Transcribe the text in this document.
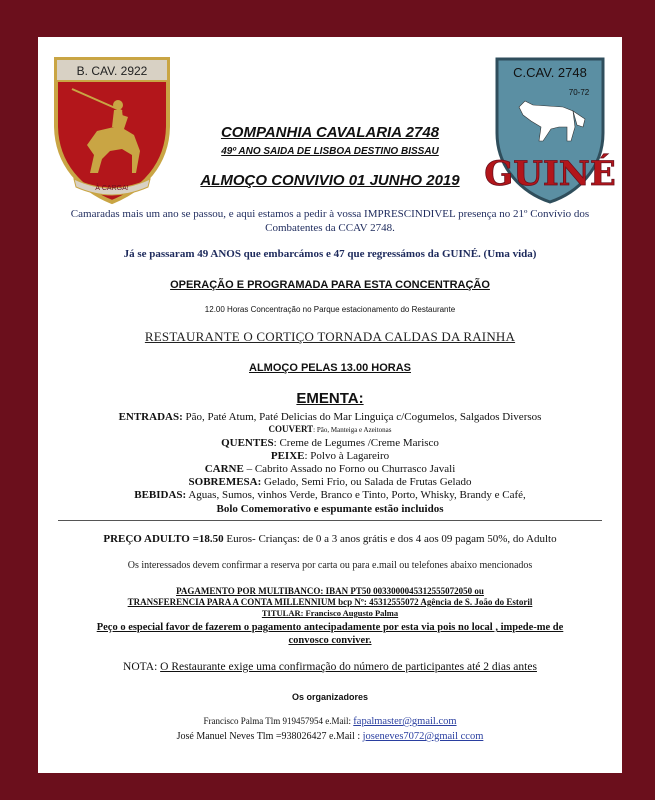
B. CAV. 2922
À CARGA!
C.CAV. 2748
70-72
GUINÉ
COMPANHIA CAVALARIA 2748
49º ANO SAIDA DE LISBOA DESTINO BISSAU
ALMOÇO CONVIVIO 01 JUNHO 2019
Camaradas mais um ano se passou, e aqui estamos a pedir à vossa IMPRESCINDIVEL presença no 21º Convívio dos Combatentes da CCAV 2748.
Já se passaram 49 ANOS que embarcámos e 47 que regressámos da GUINÉ. (Uma vida)
OPERAÇÃO E PROGRAMADA PARA ESTA CONCENTRAÇÃO
12.00 Horas Concentração no Parque estacionamento do Restaurante
RESTAURANTE O CORTIÇO TORNADA CALDAS DA RAINHA
ALMOÇO PELAS 13.00 HORAS
EMENTA:
ENTRADAS: Pão, Paté Atum, Paté Delicias do Mar Linguiça c/Cogumelos, Salgados Diversos
COUVERT: Pão, Manteiga e Azeitonas
QUENTES: Creme de Legumes /Creme Marisco
PEIXE: Polvo à Lagareiro
CARNE – Cabrito Assado no Forno ou Churrasco Javali
SOBREMESA: Gelado, Semi Frio, ou Salada de Frutas Gelado
BEBIDAS: Aguas, Sumos, vinhos Verde, Branco e Tinto, Porto, Whisky, Brandy e Café,
Bolo Comemorativo e espumante estão incluidos
PREÇO ADULTO =18.50 Euros- Crianças: de 0 a 3 anos grátis e dos 4 aos 09 pagam 50%, do Adulto
Os interessados devem confirmar a reserva por carta ou para e.mail ou telefones abaixo mencionados
PAGAMENTO POR MULTIBANCO: IBAN PT50 0033000045312555072050 ou
TRANSFERENCIA PARA A CONTA MILLENNIUM bcp Nº: 45312555072 Agência de S. João do Estoril
TITULAR: Francisco Augusto Palma
Peço o especial favor de fazerem o pagamento antecipadamente por esta via pois no local , impede-me de convosco conviver.
NOTA: O Restaurante exige uma confirmação do número de participantes até 2 dias antes
Os organizadores
Francisco Palma Tlm 919457954 e.Mail: fapalmaster@gmail.com
José Manuel Neves Tlm =938026427 e.Mail : joseneves7072@gmail ccom
